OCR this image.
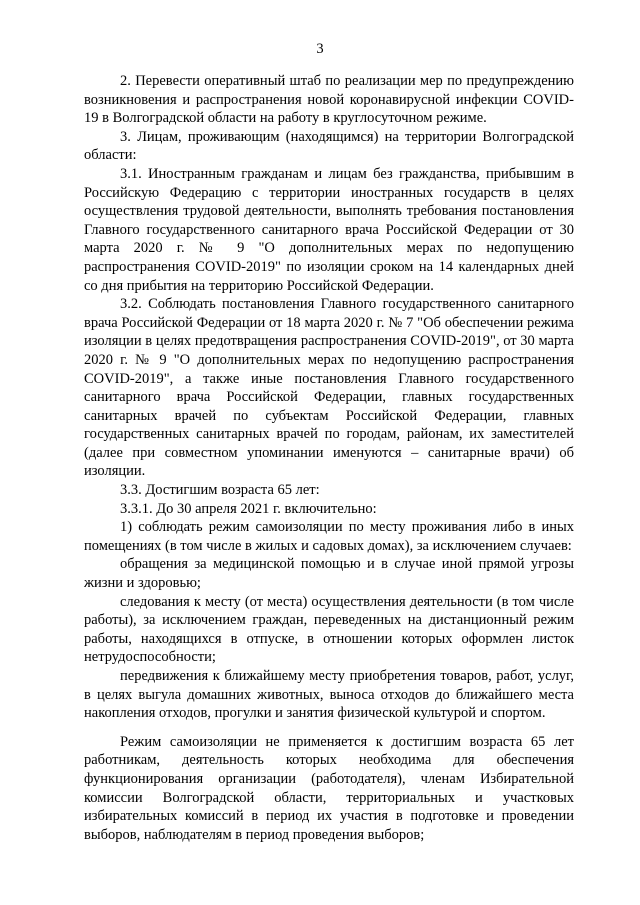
3

2. Перевести оперативный штаб по реализации мер по предупреждению возникновения и распространения новой коронавирусной инфекции COVID-19 в Волгоградской области на работу в круглосуточном режиме.

3. Лицам, проживающим (находящимся) на территории Волгоградской области:

3.1. Иностранным гражданам и лицам без гражданства, прибывшим в Российскую Федерацию с территории иностранных государств в целях осуществления трудовой деятельности, выполнять требования постановления Главного государственного санитарного врача Российской Федерации от 30 марта 2020 г. № 9 "О дополнительных мерах по недопущению распространения COVID-2019" по изоляции сроком на 14 календарных дней со дня прибытия на территорию Российской Федерации.

3.2. Соблюдать постановления Главного государственного санитарного врача Российской Федерации от 18 марта 2020 г. № 7 "Об обеспечении режима изоляции в целях предотвращения распространения COVID-2019", от 30 марта 2020 г. № 9 "О дополнительных мерах по недопущению распространения COVID-2019", а также иные постановления Главного государственного санитарного врача Российской Федерации, главных государственных санитарных врачей по субъектам Российской Федерации, главных государственных санитарных врачей по городам, районам, их заместителей (далее при совместном упоминании именуются – санитарные врачи) об изоляции.

3.3. Достигшим возраста 65 лет:

3.3.1. До 30 апреля 2021 г. включительно:

1) соблюдать режим самоизоляции по месту проживания либо в иных помещениях (в том числе в жилых и садовых домах), за исключением случаев:

обращения за медицинской помощью и в случае иной прямой угрозы жизни и здоровью;

следования к месту (от места) осуществления деятельности (в том числе работы), за исключением граждан, переведенных на дистанционный режим работы, находящихся в отпуске, в отношении которых оформлен листок нетрудоспособности;

передвижения к ближайшему месту приобретения товаров, работ, услуг, в целях выгула домашних животных, выноса отходов до ближайшего места накопления отходов, прогулки и занятия физической культурой и спортом.

Режим самоизоляции не применяется к достигшим возраста 65 лет работникам, деятельность которых необходима для обеспечения функционирования организации (работодателя), членам Избирательной комиссии Волгоградской области, территориальных и участковых избирательных комиссий в период их участия в подготовке и проведении выборов, наблюдателям в период проведения выборов;
